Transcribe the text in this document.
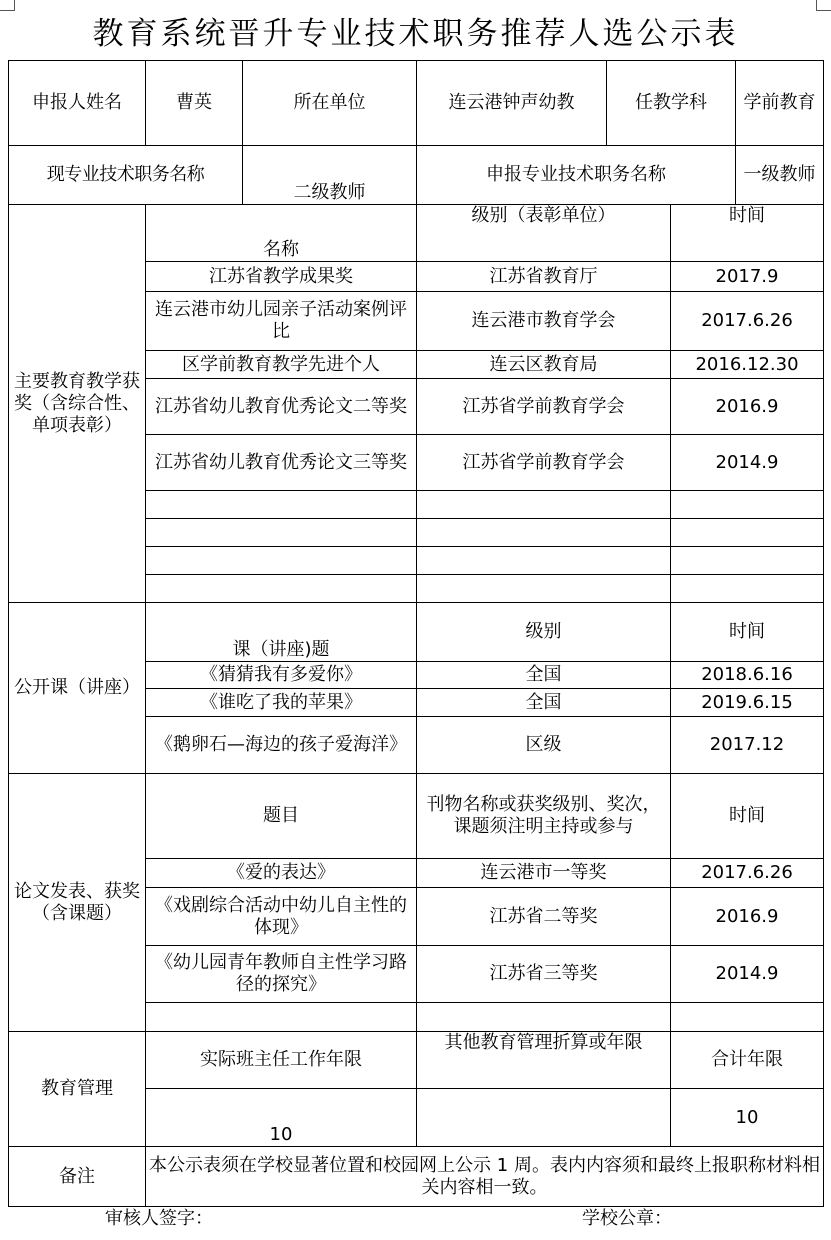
教育系统晋升专业技术职务推荐人选公示表
申报人姓名	曹英	所在单位	连云港钟声幼教	任教学科		学前教育
现专业技术职务名称		二级教师	申报专业技术职务名称			一级教师
主要教育教学获奖（含综合性、单项表彰）	名称		级别（表彰单位）		时间	
	江苏省教学成果奖		江苏省教育厅		2017.9	
	连云港市幼儿园亲子活动案例评比		连云港市教育学会		2017.6.26	
	区学前教育教学先进个人		连云区教育局		2016.12.30	
	江苏省幼儿教育优秀论文二等奖		江苏省学前教育学会		2016.9	
	江苏省幼儿教育优秀论文三等奖		江苏省学前教育学会		2014.9	

公开课（讲座）	课（讲座)题		级别		时间	
	《猜猜我有多爱你》		全国		2018.6.16	
	《谁吃了我的苹果》		全国		2019.6.15	
	《鹅卵石—海边的孩子爱海洋》		区级		2017.12	
论文发表、获奖（含课题）	题目		刊物名称或获奖级别、奖次，课题须注明主持或参与		时间	
	《爱的表达》		连云港市一等奖		2017.6.26	
	《戏剧综合活动中幼儿自主性的体现》		江苏省二等奖		2016.9	
	《幼儿园青年教师自主性学习路径的探究》		江苏省三等奖		2014.9	

教育管理	实际班主任工作年限		其他教育管理折算或年限		合计年限	
	10				10	
备注	本公示表须在学校显著位置和校园网上公示 1 周。表内内容须和最终上报职称材料相关内容相一致。					
审核人签字：	学校公章：
